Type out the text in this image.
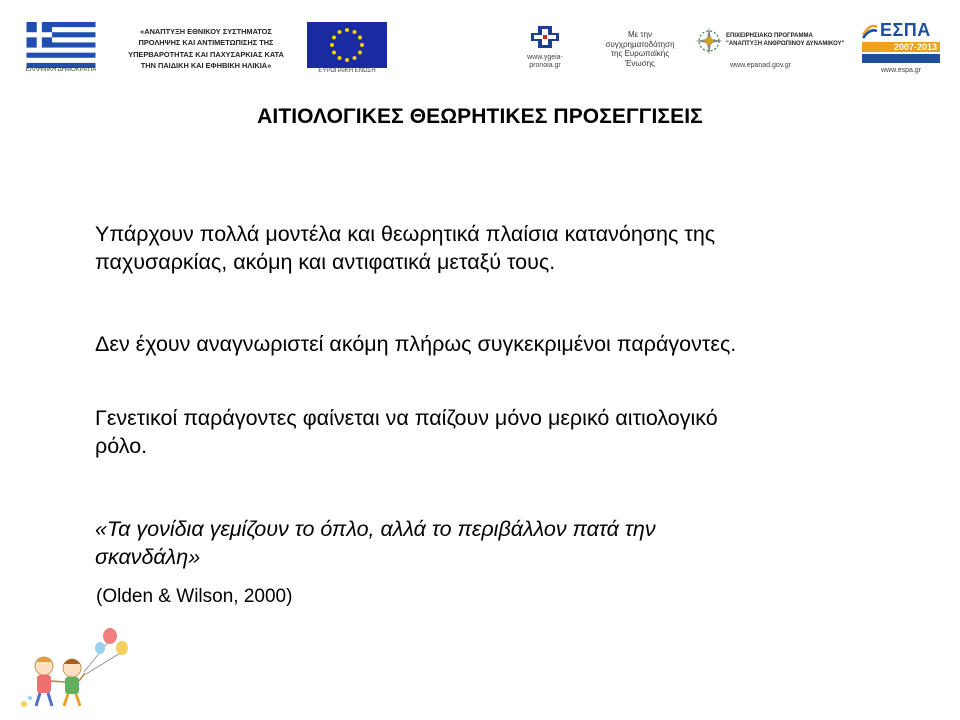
ΕΛΛΗΝΙΚΗ ΔΗΜΟΚΡΑΤΙΑ
«ΑΝΑΠΤΥΞΗ ΕΘΝΙΚΟΥ ΣΥΣΤΗΜΑΤΟΣ
ΠΡΟΛΗΨΗΣ ΚΑΙ ΑΝΤΙΜΕΤΩΠΙΣΗΣ ΤΗΣ
ΥΠΕΡΒΑΡΟΤΗΤΑΣ ΚΑΙ ΠΑΧΥΣΑΡΚΙΑΣ ΚΑΤΑ
ΤΗΝ ΠΑΙΔΙΚΗ ΚΑΙ ΕΦΗΒΙΚΗ ΗΛΙΚΙΑ»
ΕΥΡΩΠΑΪΚΗ ΕΝΩΣΗ
www.ygeia-
pronoia.gr
Με την
συγχρηματοδότηση
της Ευρωπαϊκής
Ένωσης
ΕΠΙΧΕΙΡΗΣΙΑΚΟ ΠΡΟΓΡΑΜΜΑ
"ΑΝΑΠΤΥΞΗ ΑΝΘΡΩΠΙΝΟΥ ΔΥΝΑΜΙΚΟΥ"
www.epanad.gov.gr
ΕΣΠΑ
2007-2013
www.espa.gr
ΑΙΤΙΟΛΟΓΙΚΕΣ ΘΕΩΡΗΤΙΚΕΣ ΠΡΟΣΕΓΓΙΣΕΙΣ
Υπάρχουν πολλά μοντέλα και θεωρητικά πλαίσια κατανόησης της
παχυσαρκίας, ακόμη και αντιφατικά μεταξύ τους.
Δεν έχουν αναγνωριστεί ακόμη πλήρως συγκεκριμένοι παράγοντες.
Γενετικοί παράγοντες φαίνεται να παίζουν μόνο μερικό αιτιολογικό
ρόλο.
«Τα γονίδια γεμίζουν το όπλο, αλλά το περιβάλλον πατά την
σκανδάλη»
(Olden & Wilson, 2000)
